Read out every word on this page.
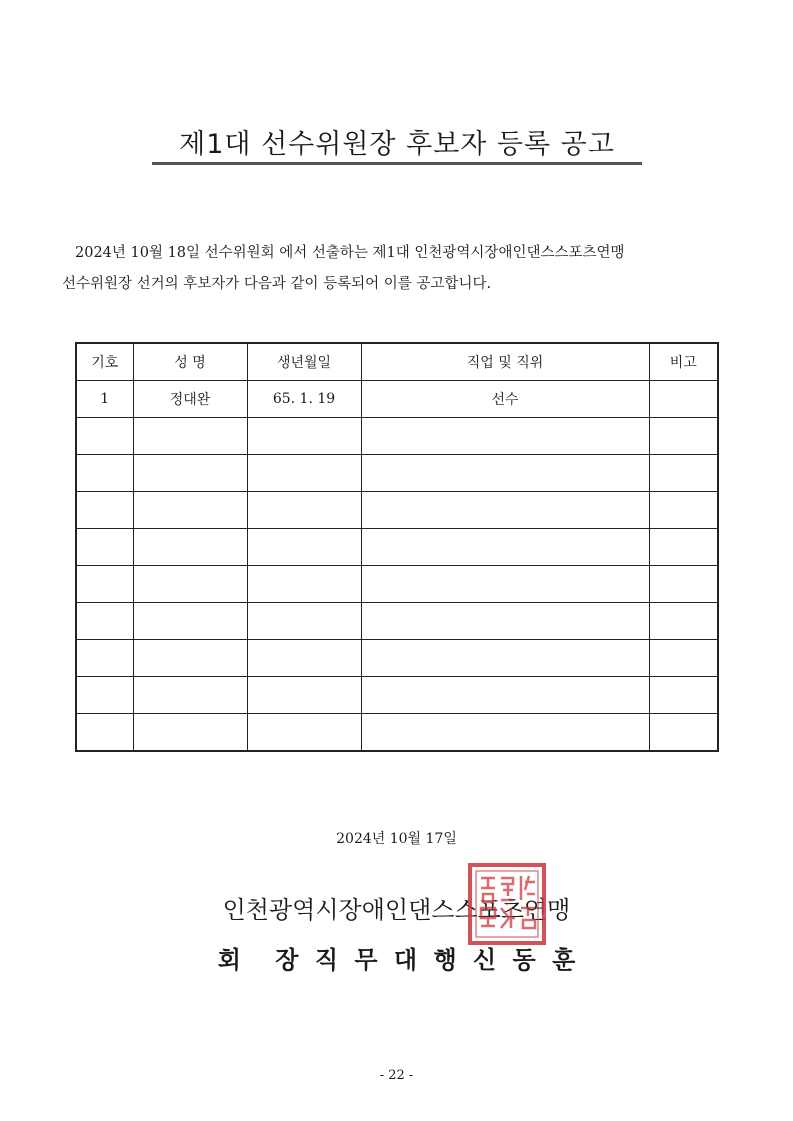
제1대 선수위원장 후보자 등록 공고

2024년 10월 18일 선수위원회 에서 선출하는 제1대 인천광역시장애인댄스스포츠연맹

선수위원장 선거의 후보자가 다음과 같이 등록되어 이를 공고합니다.

기호	성 명	생년월일	직업 및 직위	비고
1	정대완	65. 1. 19	선수	

2024년 10월 17일
인천광역시장애인댄스스포츠연맹
회 장 직 무 대 행 신 동 훈
- 22 -
